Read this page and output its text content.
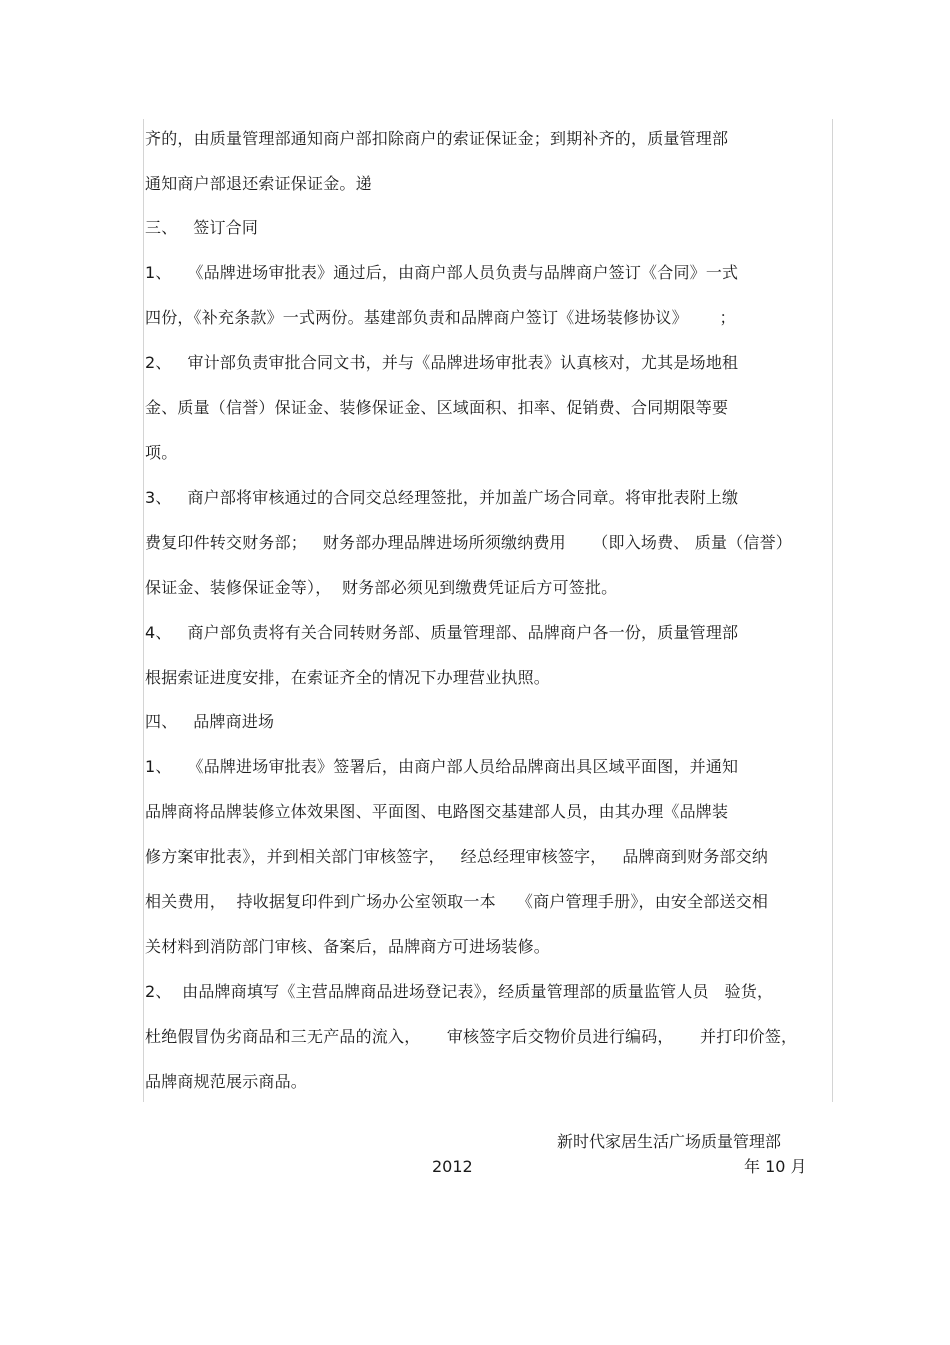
齐的，由质量管理部通知商户部扣除商户的索证保证金；到期补齐的，质量管理部
通知商户部退还索证保证金。递
三、   签订合同
1、   《品牌进场审批表》通过后，由商户部人员负责与品牌商户签订《合同》一式
四份，《补充条款》一式两份。基建部负责和品牌商户签订《进场装修协议》      ；
2、   审计部负责审批合同文书，并与《品牌进场审批表》认真核对，尤其是场地租
金、质量（信誉）保证金、装修保证金、区域面积、扣率、促销费、合同期限等要
项。
3、   商户部将审核通过的合同交总经理签批，并加盖广场合同章。将审批表附上缴
费复印件转交财务部；   财务部办理品牌进场所须缴纳费用     （即入场费、 质量（信誉）
保证金、装修保证金等），  财务部必须见到缴费凭证后方可签批。
4、   商户部负责将有关合同转财务部、质量管理部、品牌商户各一份，质量管理部
根据索证进度安排，在索证齐全的情况下办理营业执照。
四、   品牌商进场
1、   《品牌进场审批表》签署后，由商户部人员给品牌商出具区域平面图，并通知
品牌商将品牌装修立体效果图、平面图、电路图交基建部人员，由其办理《品牌装
修方案审批表》，并到相关部门审核签字，   经总经理审核签字，   品牌商到财务部交纳
相关费用，  持收据复印件到广场办公室领取一本    《商户管理手册》，由安全部送交相
关材料到消防部门审核、备案后，品牌商方可进场装修。
2、  由品牌商填写《主营品牌商品进场登记表》，经质量管理部的质量监管人员   验货，
杜绝假冒伪劣商品和三无产品的流入，     审核签字后交物价员进行编码，     并打印价签，
品牌商规范展示商品。
新时代家居生活广场质量管理部
2012	年 10 月
